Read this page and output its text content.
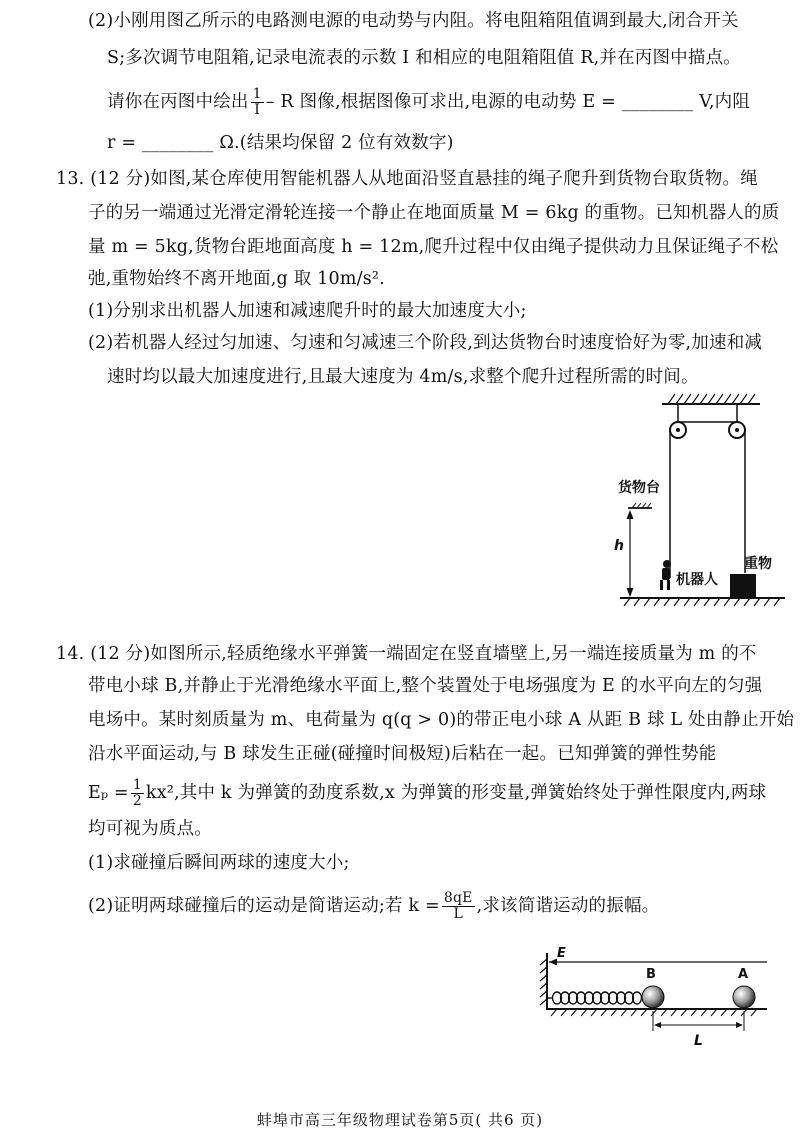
(2)小刚用图乙所示的电路测电源的电动势与内阻。将电阻箱阻值调到最大,闭合开关
S;多次调节电阻箱,记录电流表的示数 I 和相应的电阻箱阻值 R,并在丙图中描点。
请你在丙图中绘出 $\frac{1}{I}$ – R 图像,根据图像可求出,电源的电动势 E = ________ V,内阻
r = ________ Ω.(结果均保留 2 位有效数字)
13. (12 分)如图,某仓库使用智能机器人从地面沿竖直悬挂的绳子爬升到货物台取货物。绳
子的另一端通过光滑定滑轮连接一个静止在地面质量 M = 6kg 的重物。已知机器人的质
量 m = 5kg,货物台距地面高度 h = 12m,爬升过程中仅由绳子提供动力且保证绳子不松
弛,重物始终不离开地面,g 取 10m/s².
(1)分别求出机器人加速和减速爬升时的最大加速度大小;
(2)若机器人经过匀加速、匀速和匀减速三个阶段,到达货物台时速度恰好为零,加速和减
速时均以最大加速度进行,且最大速度为 4m/s,求整个爬升过程所需的时间。
货物台
h
机器人
重物
14. (12 分)如图所示,轻质绝缘水平弹簧一端固定在竖直墙壁上,另一端连接质量为 m 的不
带电小球 B,并静止于光滑绝缘水平面上,整个装置处于电场强度为 E 的水平向左的匀强
电场中。某时刻质量为 m、电荷量为 q(q > 0)的带正电小球 A 从距 B 球 L 处由静止开始
沿水平面运动,与 B 球发生正碰(碰撞时间极短)后粘在一起。已知弹簧的弹性势能
$E_p = \frac{1}{2} kx^2$,其中 k 为弹簧的劲度系数,x 为弹簧的形变量,弹簧始终处于弹性限度内,两球
均可视为质点。
(1)求碰撞后瞬间两球的速度大小;
(2)证明两球碰撞后的运动是简谐运动;若 $k = \frac{8qE}{L}$ ,求该简谐运动的振幅。
E
B	A
L
蚌埠市高三年级物理试卷第5页( 共6 页)
